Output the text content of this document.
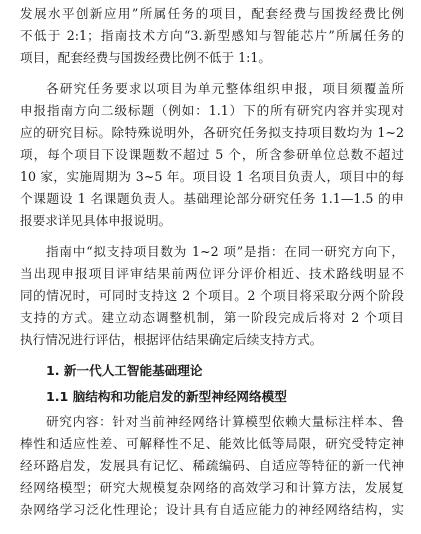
发展水平创新应用”所属任务的项目，配套经费与国拨经费比例
不低于 2:1；指南技术方向“3.新型感知与智能芯片”所属任务的
项目，配套经费与国拨经费比例不低于 1:1。
各研究任务要求以项目为单元整体组织申报，项目须覆盖所
申报指南方向二级标题（例如：1.1）下的所有研究内容并实现对
应的研究目标。除特殊说明外，各研究任务拟支持项目数均为 1~2
项，每个项目下设课题数不超过 5 个，所含参研单位总数不超过
10 家，实施周期为 3~5 年。项目设 1 名项目负责人，项目中的每
个课题设 1 名课题负责人。基础理论部分研究任务 1.1—1.5 的申
报要求详见具体申报说明。
指南中“拟支持项目数为 1~2 项”是指：在同一研究方向下，
当出现申报项目评审结果前两位评分评价相近、技术路线明显不
同的情况时，可同时支持这 2 个项目。2 个项目将采取分两个阶段
支持的方式。建立动态调整机制，第一阶段完成后将对 2 个项目
执行情况进行评估，根据评估结果确定后续支持方式。
1. 新一代人工智能基础理论
1.1 脑结构和功能启发的新型神经网络模型
研究内容：针对当前神经网络计算模型依赖大量标注样本、鲁
棒性和适应性差、可解释性不足、能效比低等局限，研究受特定神
经环路启发，发展具有记忆、稀疏编码、自适应等特征的新一代神
经网络模型；研究大规模复杂网络的高效学习和计算方法，发展复
杂网络学习泛化性理论；设计具有自适应能力的神经网络结构，实
